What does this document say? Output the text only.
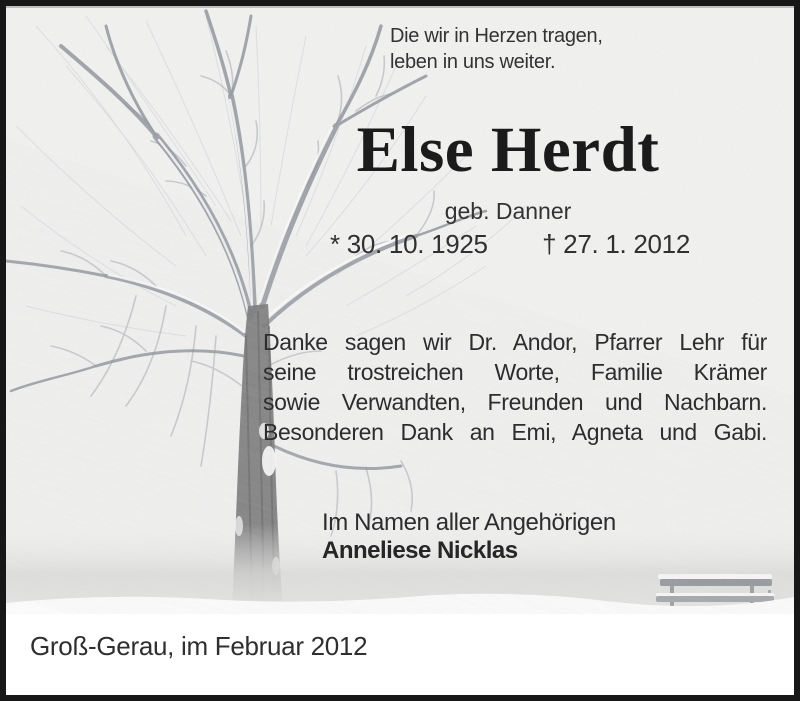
Die wir in Herzen tragen,
leben in uns weiter.
Else Herdt
geb. Danner
* 30. 10. 1925 † 27. 1. 2012
Danke sagen wir Dr. Andor, Pfarrer Lehr für
seine trostreichen Worte, Familie Krämer
sowie Verwandten, Freunden und Nachbarn.
Besonderen Dank an Emi, Agneta und Gabi.
Im Namen aller Angehörigen
Anneliese Nicklas
Groß-Gerau, im Februar 2012
